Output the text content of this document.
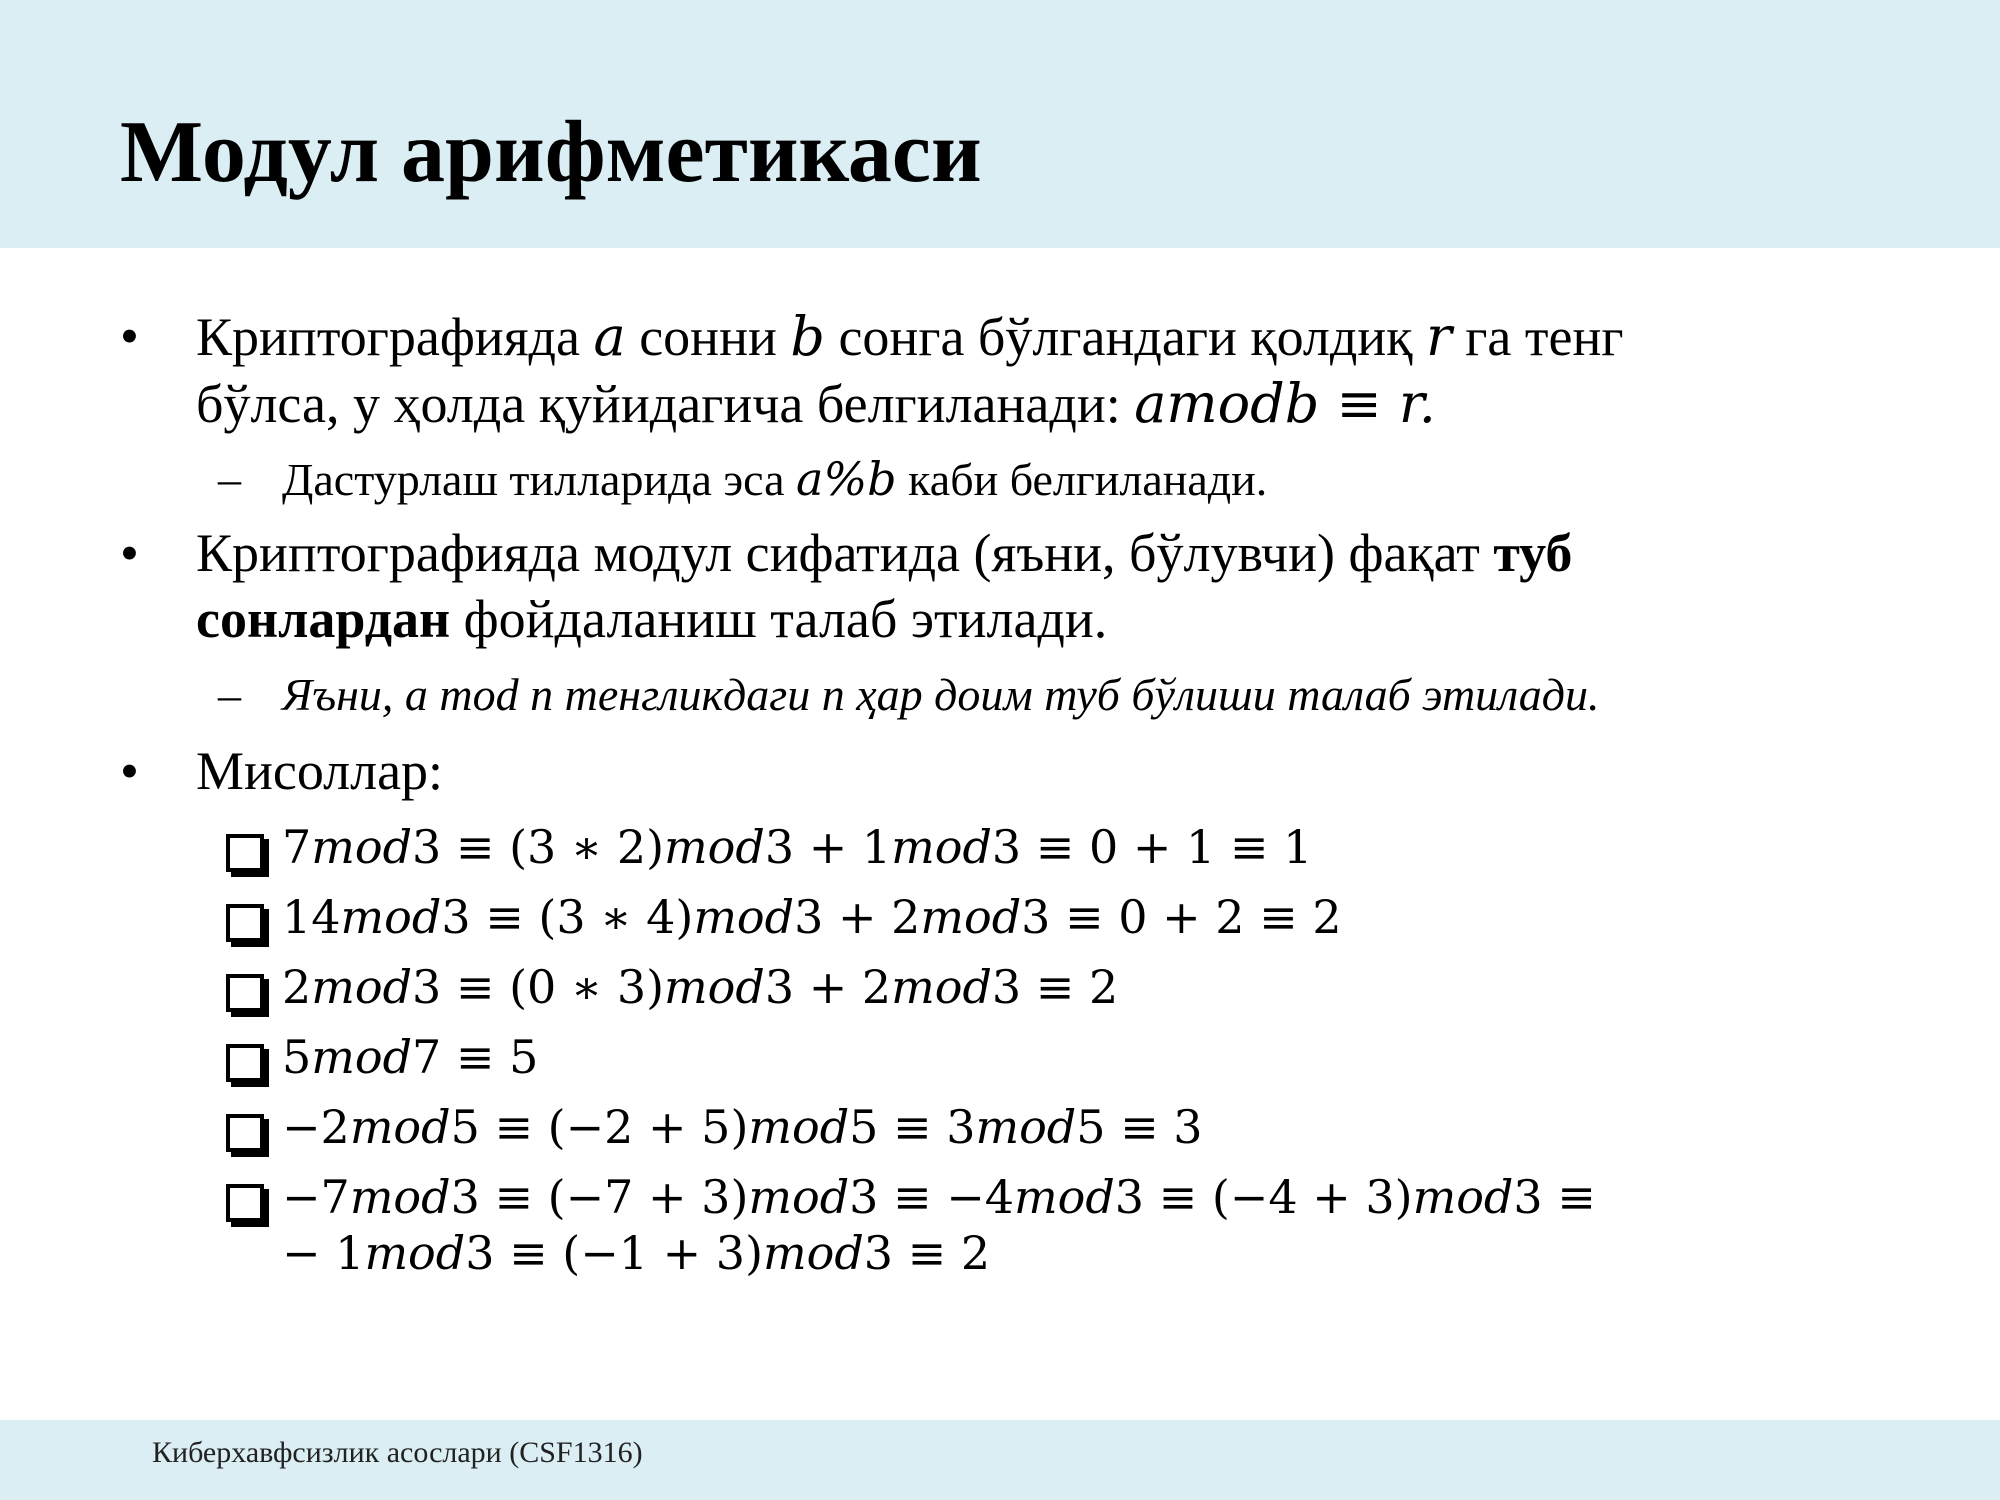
Модул арифметикаси
•	Криптографияда a сонни b сонга бўлгандаги қолдиқ r га тенг
бўлса, у ҳолда қуйидагича белгиланади: amodb ≡ r.
– Дастурлаш тилларида эса a%b каби белгиланади.
•	Криптографияда модул сифатида (яъни, бўлувчи) фақат туб
сонлардан фойдаланиш талаб этилади.
– Яъни, a mod n тенгликдаги n ҳар доим туб бўлиши талаб этилади.
•	Мисоллар:
7mod3 ≡ (3 ∗ 2)mod3 + 1mod3 ≡ 0 + 1 ≡ 1
14mod3 ≡ (3 ∗ 4)mod3 + 2mod3 ≡ 0 + 2 ≡ 2
2mod3 ≡ (0 ∗ 3)mod3 + 2mod3 ≡ 2
5mod7 ≡ 5
−2mod5 ≡ (−2 + 5)mod5 ≡ 3mod5 ≡ 3
−7mod3 ≡ (−7 + 3)mod3 ≡ −4mod3 ≡ (−4 + 3)mod3 ≡
− 1mod3 ≡ (−1 + 3)mod3 ≡ 2
Киберхавфсизлик асослари (CSF1316)
